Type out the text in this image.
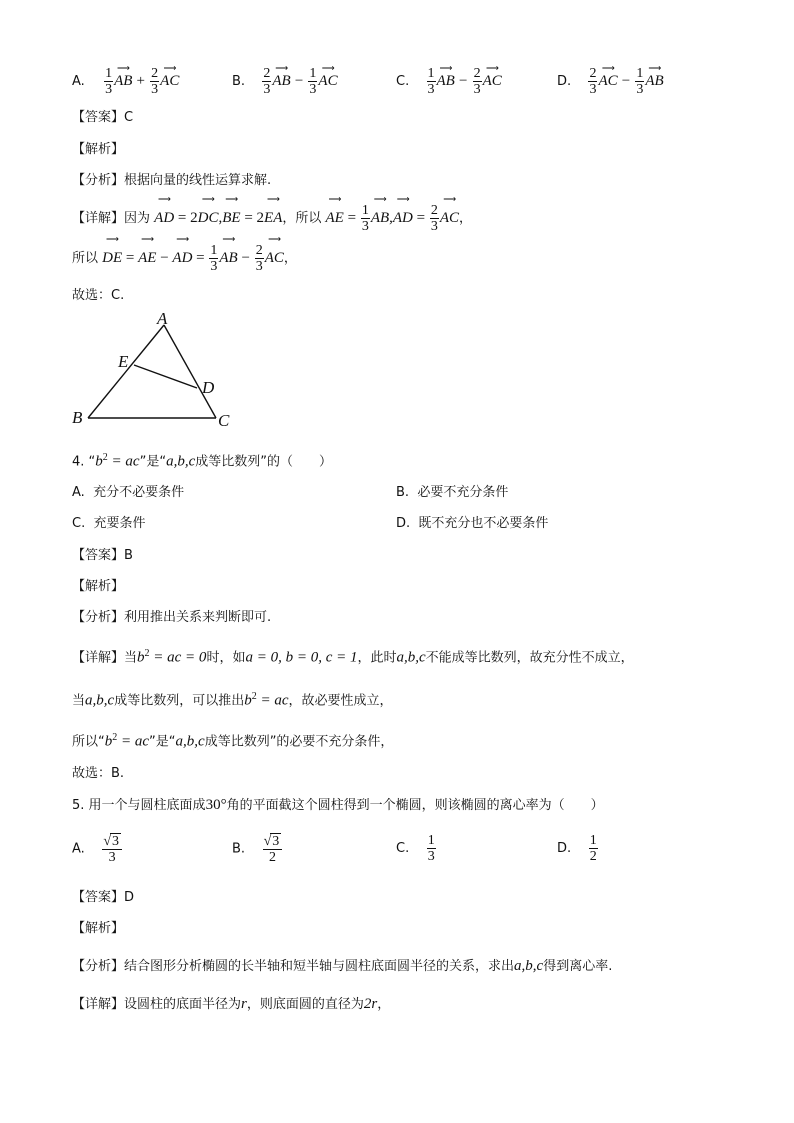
A. $\frac{1}{3}$ ⟶
AB + $\frac{2}{3}$ ⟶
AC	B. $\frac{2}{3}$ ⟶
AB − $\frac{1}{3}$ ⟶
AC	C. $\frac{1}{3}$ ⟶
AB − $\frac{2}{3}$ ⟶
AC	D. $\frac{2}{3}$ ⟶
AC − $\frac{1}{3}$ ⟶
AB
【答案】C
【解析】
【分析】根据向量的线性运算求解.
【详解】因为
⟶
AD = 2
⟶
DC,
⟶
BE = 2
⟶
EA，所以
⟶
AE = $\frac{1}{3}$
⟶
AB,
⟶
AD = $\frac{2}{3}$
⟶
AC，
所以
⟶
DE =
⟶
AE −
⟶
AD = $\frac{1}{3}$
⟶
AB − $\frac{2}{3}$
⟶
AC，
故选：C.
A
E
D
B	C
4. “$b^2$ = ac”是“a,b,c成等比数列”的（　　）
A. 充分不必要条件	B. 必要不充分条件
C. 充要条件	D. 既不充分也不必要条件
【答案】B
【解析】
【分析】利用推出关系来判断即可.
【详解】当$b^2$ = ac = 0时，如a = 0, b = 0, c = 1，此时a,b,c不能成等比数列，故充分性不成立，
当a,b,c成等比数列，可以推出$b^2$ = ac，故必要性成立，
所以“$b^2$ = ac”是“a,b,c成等比数列”的必要不充分条件，
故选：B.
5. 用一个与圆柱底面成30°角的平面截这个圆柱得到一个椭圆，则该椭圆的离心率为（　　）
A. $\frac{√3}{3}$	B. $\frac{√3}{2}$	C. $\frac{1}{3}$	D. $\frac{1}{2}$
【答案】D
【解析】
【分析】结合图形分析椭圆的长半轴和短半轴与圆柱底面圆半径的关系，求出a,b,c得到离心率.
【详解】设圆柱的底面半径为r，则底面圆的直径为2r，
